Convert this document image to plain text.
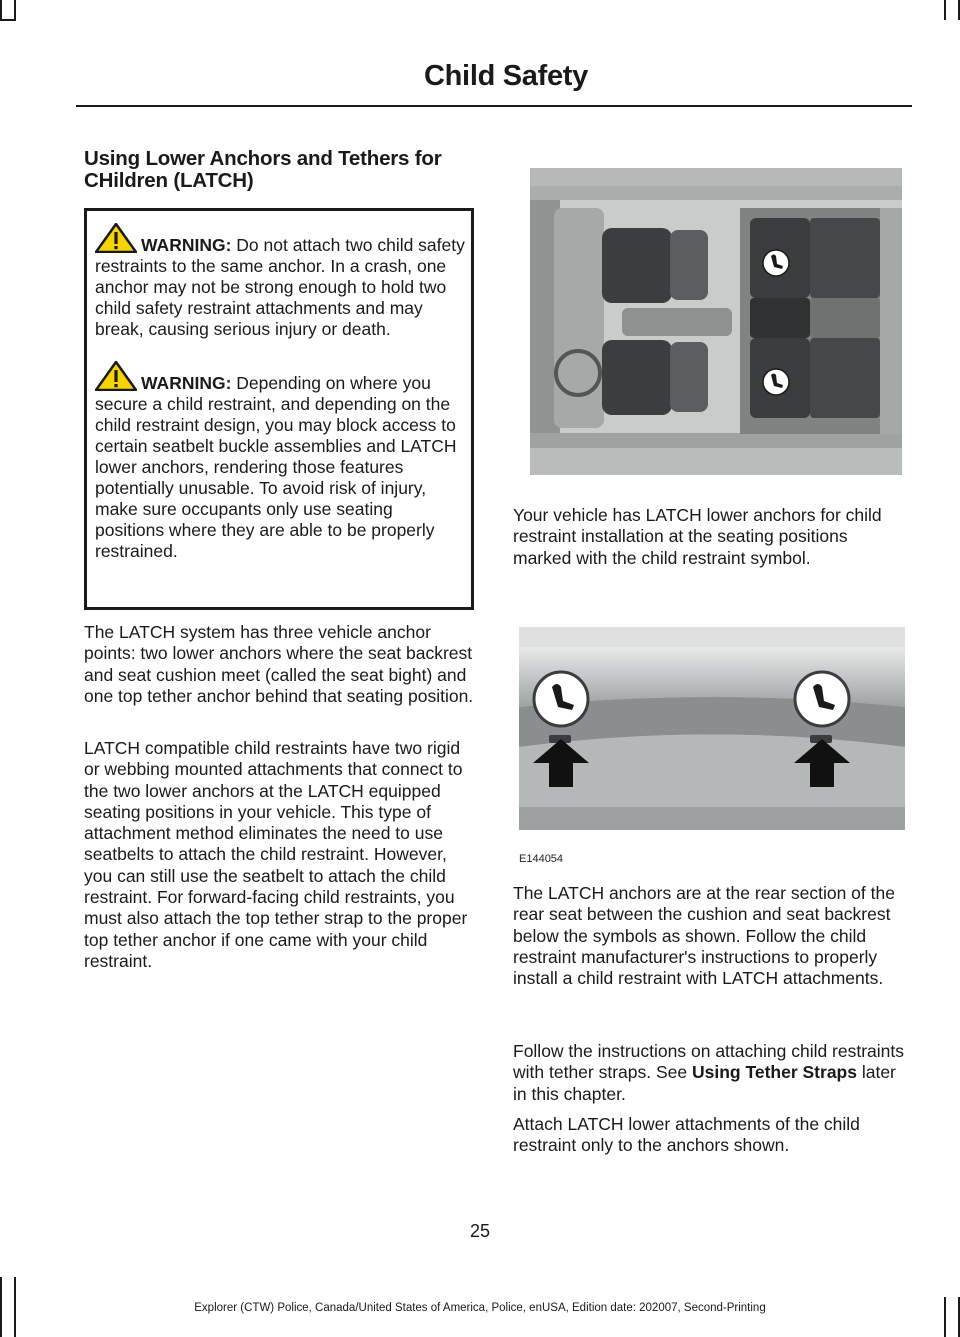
Child Safety
Using Lower Anchors and Tethers for CHildren (LATCH)
WARNING: Do not attach two child safety restraints to the same anchor. In a crash, one anchor may not be strong enough to hold two child safety restraint attachments and may break, causing serious injury or death.
WARNING: Depending on where you secure a child restraint, and depending on the child restraint design, you may block access to certain seatbelt buckle assemblies and LATCH lower anchors, rendering those features potentially unusable. To avoid risk of injury, make sure occupants only use seating positions where they are able to be properly restrained.

The LATCH system has three vehicle anchor points: two lower anchors where the seat backrest and seat cushion meet (called the seat bight) and one top tether anchor behind that seating position.

LATCH compatible child restraints have two rigid or webbing mounted attachments that connect to the two lower anchors at the LATCH equipped seating positions in your vehicle. This type of attachment method eliminates the need to use seatbelts to attach the child restraint. However, you can still use the seatbelt to attach the child restraint. For forward-facing child restraints, you must also attach the top tether strap to the proper top tether anchor if one came with your child restraint.

Your vehicle has LATCH lower anchors for child restraint installation at the seating positions marked with the child restraint symbol.

E144054

The LATCH anchors are at the rear section of the rear seat between the cushion and seat backrest below the symbols as shown. Follow the child restraint manufacturer's instructions to properly install a child restraint with LATCH attachments.

Follow the instructions on attaching child restraints with tether straps. See Using Tether Straps later in this chapter.

Attach LATCH lower attachments of the child restraint only to the anchors shown.

25
Explorer (CTW) Police, Canada/United States of America, Police, enUSA, Edition date: 202007, Second-Printing
